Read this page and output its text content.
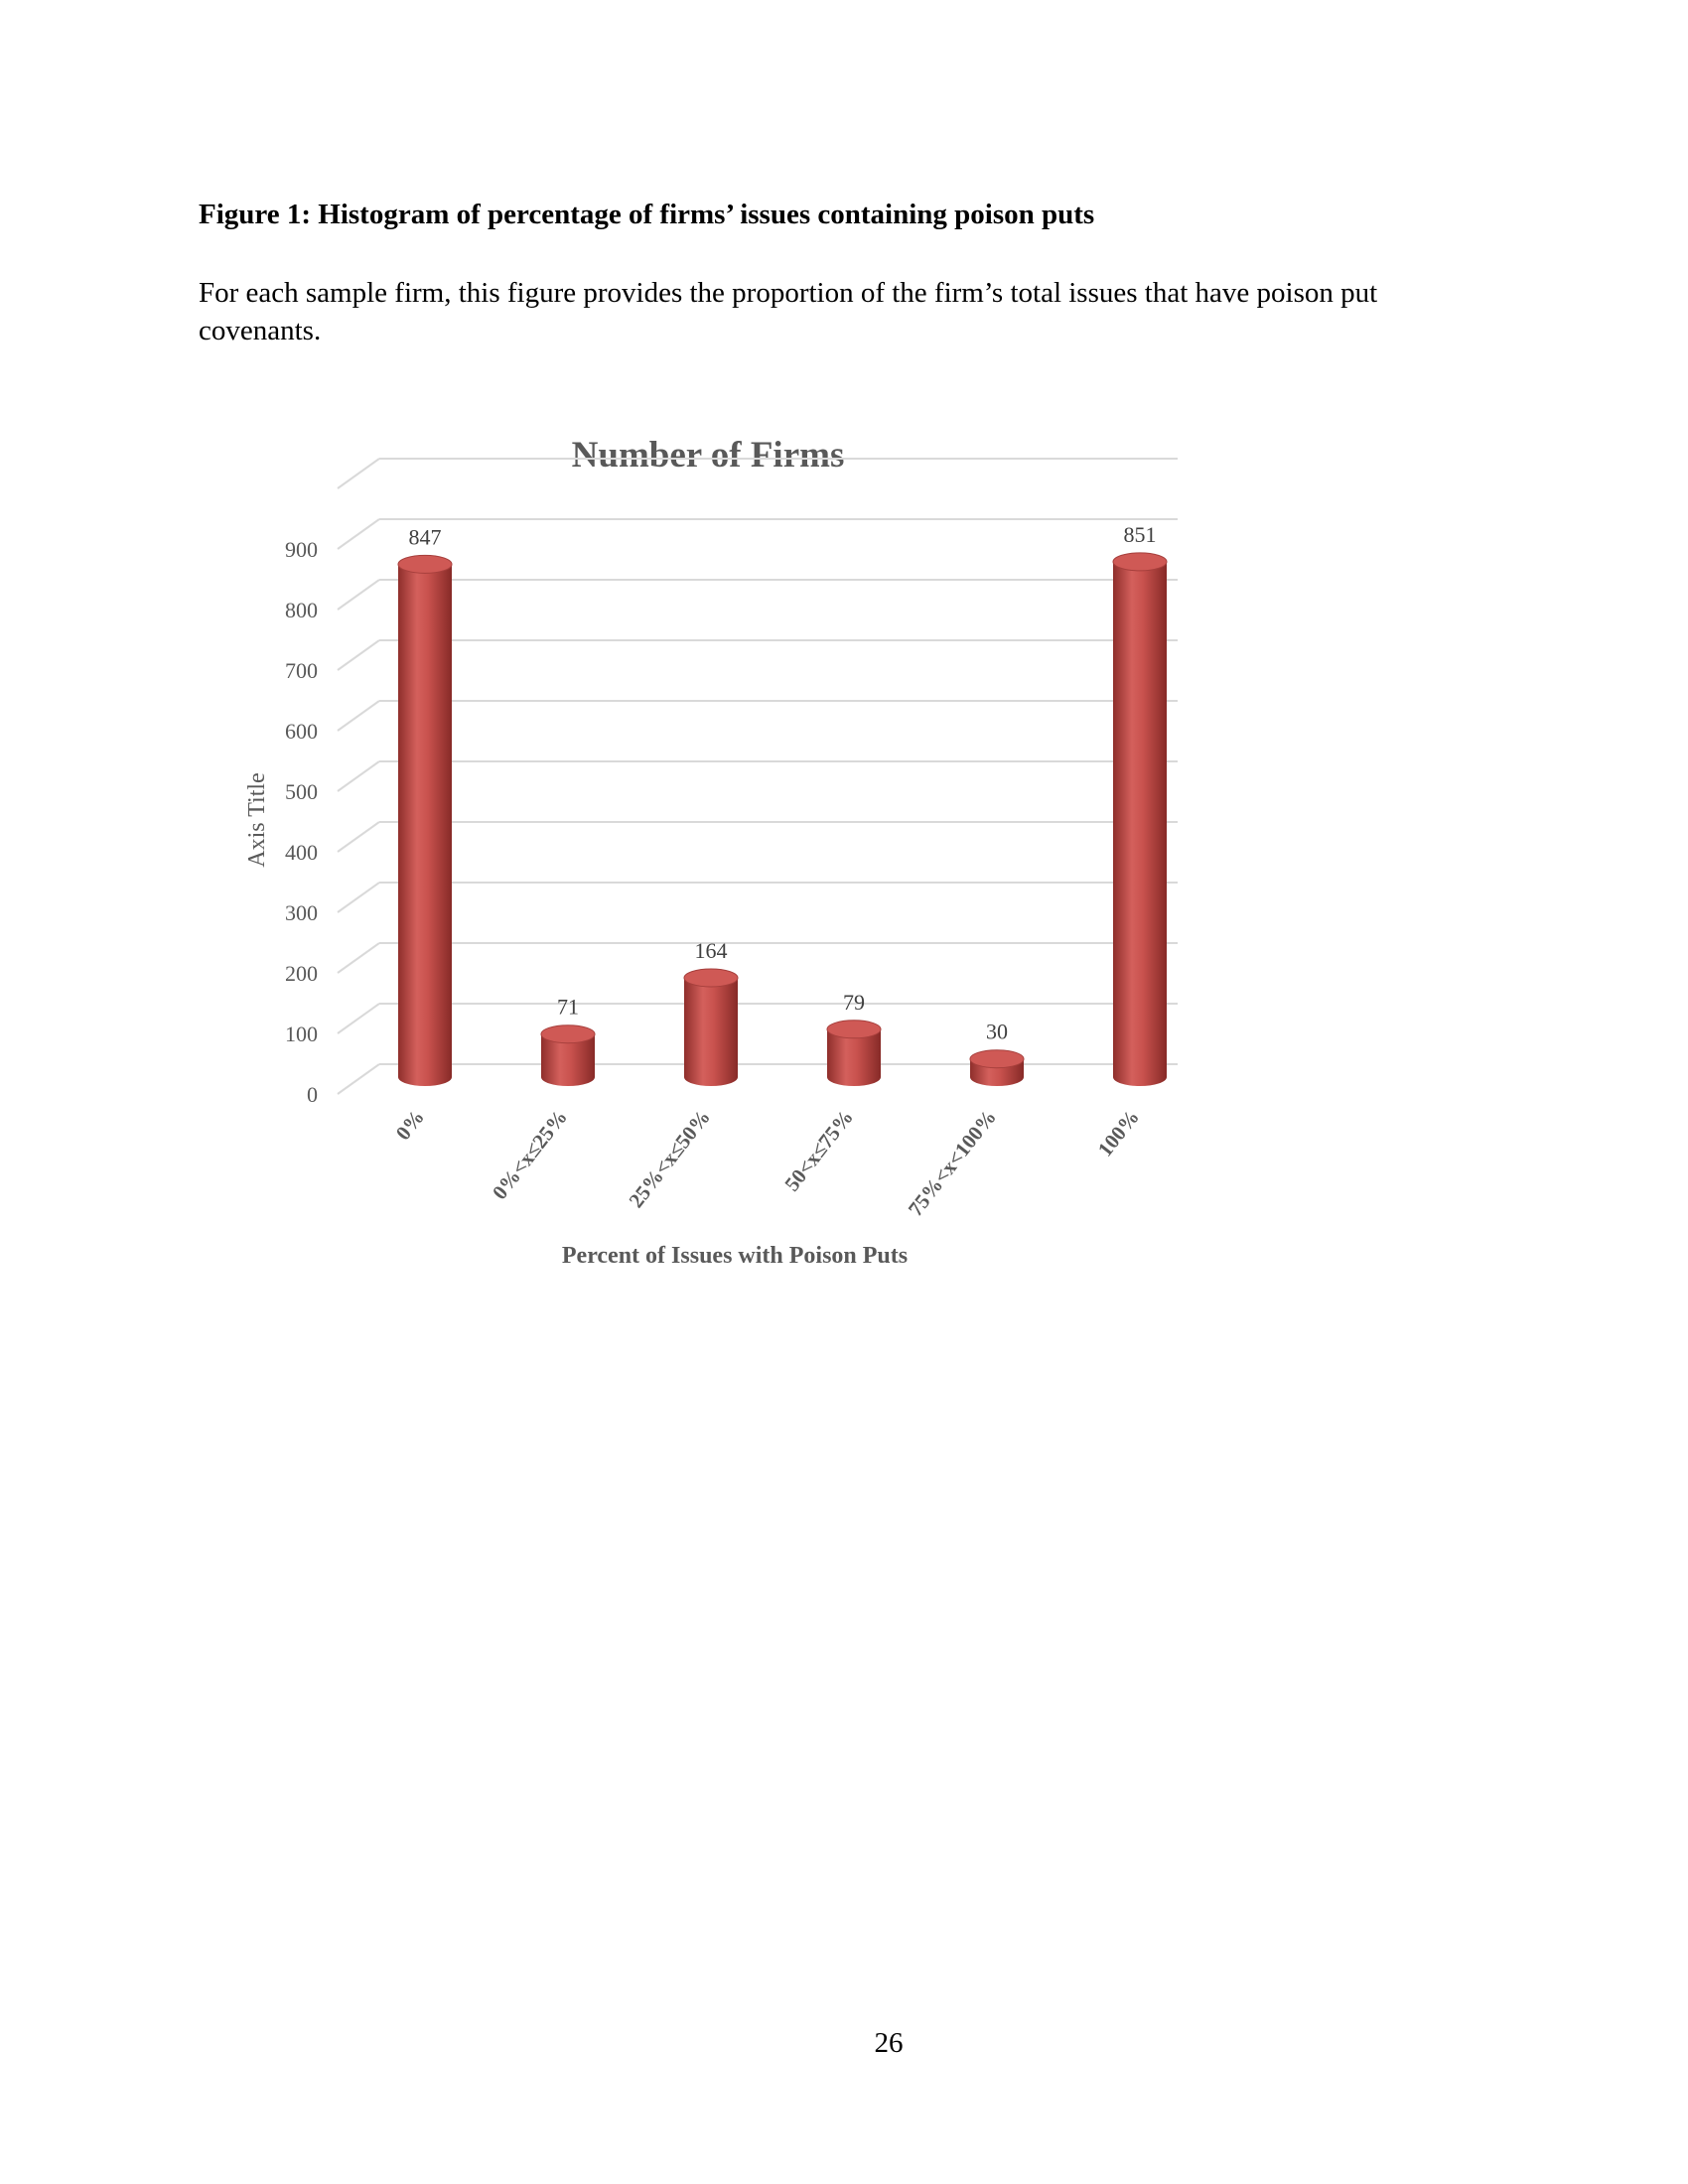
Figure 1: Histogram of percentage of firms’ issues containing poison puts

For each sample firm, this figure provides the proportion of the firm’s total issues that have poison put covenants.

Number of Firms
0
100
200
300
400
500
600
700
800
900
847
71
164
79
30
851
0%	0%<x≤25% 25%<x≤50%	50<x≤75% 75%<x<100%	100%
Axis Title
Percent of Issues with Poison Puts
26
